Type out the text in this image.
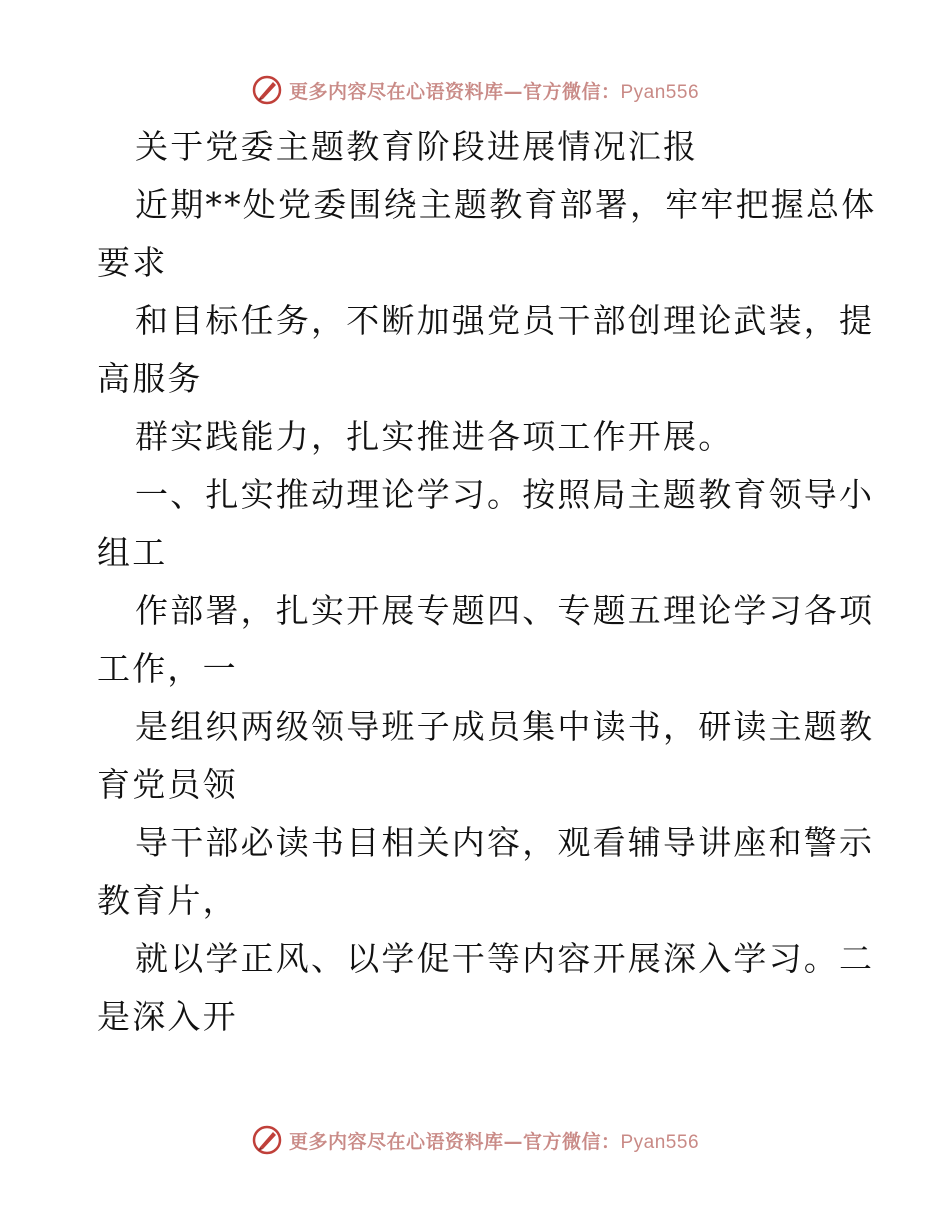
更多内容尽在心语资料库—官方微信：Pyan556
关于党委主题教育阶段进展情况汇报
近期**处党委围绕主题教育部署，牢牢把握总体
要求
和目标任务，不断加强党员干部创理论武装，提
高服务
群实践能力，扎实推进各项工作开展。
一、扎实推动理论学习。按照局主题教育领导小
组工
作部署，扎实开展专题四、专题五理论学习各项
工作，一
是组织两级领导班子成员集中读书，研读主题教
育党员领
导干部必读书目相关内容，观看辅导讲座和警示
教育片，
就以学正风、以学促干等内容开展深入学习。二
是深入开
更多内容尽在心语资料库—官方微信：Pyan556
